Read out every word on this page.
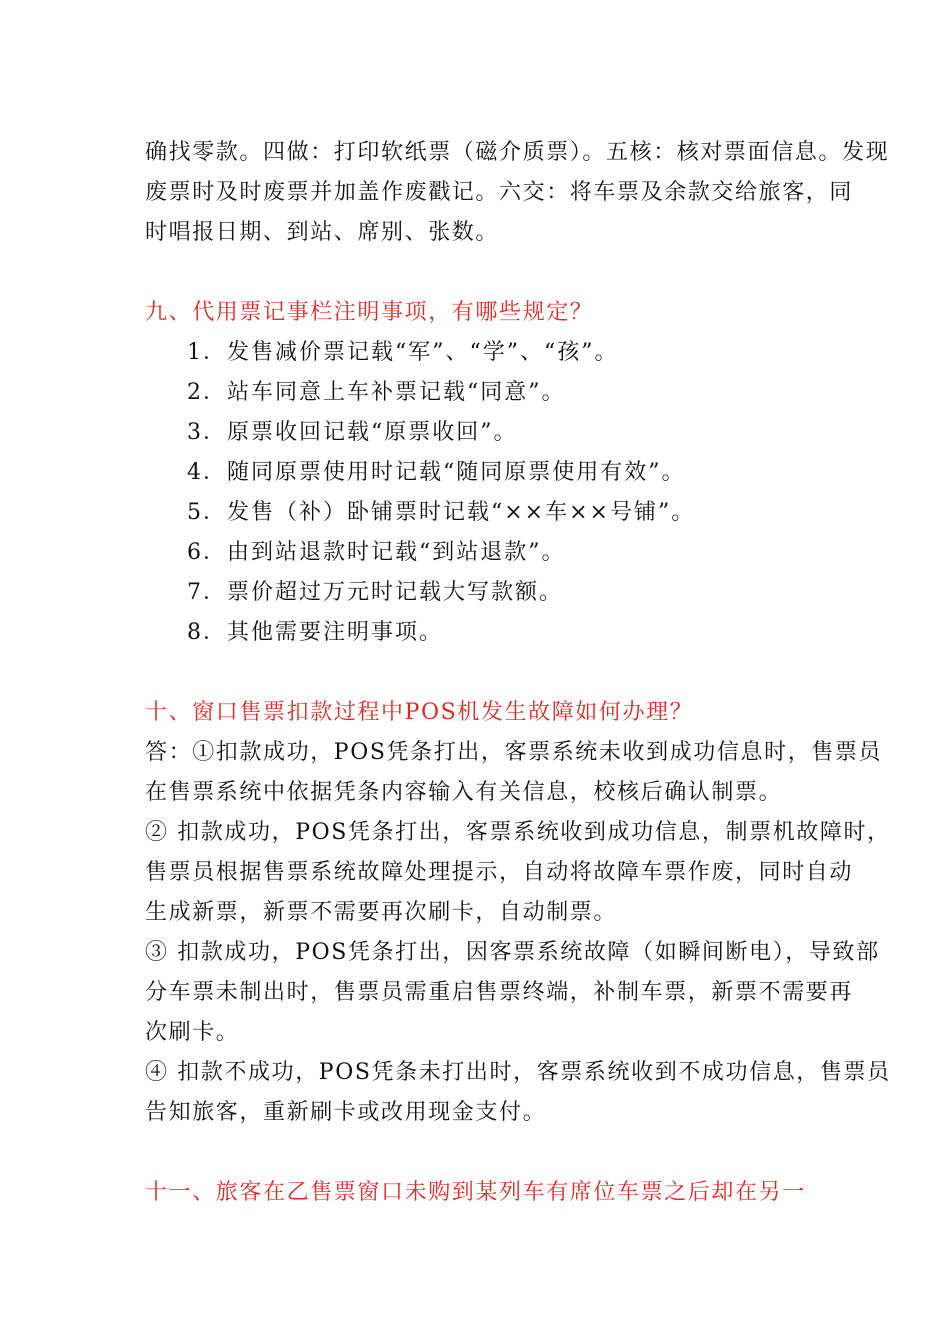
确找零款。四做：打印软纸票（磁介质票）。五核：核对票面信息。发现
废票时及时废票并加盖作废戳记。六交：将车票及余款交给旅客，同
时唱报日期、到站、席别、张数。
九、代用票记事栏注明事项，有哪些规定？
1．发售减价票记载“军”、“学”、“孩”。
2．站车同意上车补票记载“同意”。
3．原票收回记载“原票收回”。
4．随同原票使用时记载“随同原票使用有效”。
5．发售（补）卧铺票时记载“××车××号铺”。
6．由到站退款时记载“到站退款”。
7．票价超过万元时记载大写款额。
8．其他需要注明事项。
十、窗口售票扣款过程中POS机发生故障如何办理？
答：①扣款成功，POS凭条打出，客票系统未收到成功信息时，售票员
在售票系统中依据凭条内容输入有关信息，校核后确认制票。
② 扣款成功，POS凭条打出，客票系统收到成功信息，制票机故障时，
售票员根据售票系统故障处理提示，自动将故障车票作废，同时自动
生成新票，新票不需要再次刷卡，自动制票。
③ 扣款成功，POS凭条打出，因客票系统故障（如瞬间断电），导致部
分车票未制出时，售票员需重启售票终端，补制车票，新票不需要再
次刷卡。
④ 扣款不成功，POS凭条未打出时，客票系统收到不成功信息，售票员
告知旅客，重新刷卡或改用现金支付。
十一、旅客在乙售票窗口未购到某列车有席位车票之后却在另一
